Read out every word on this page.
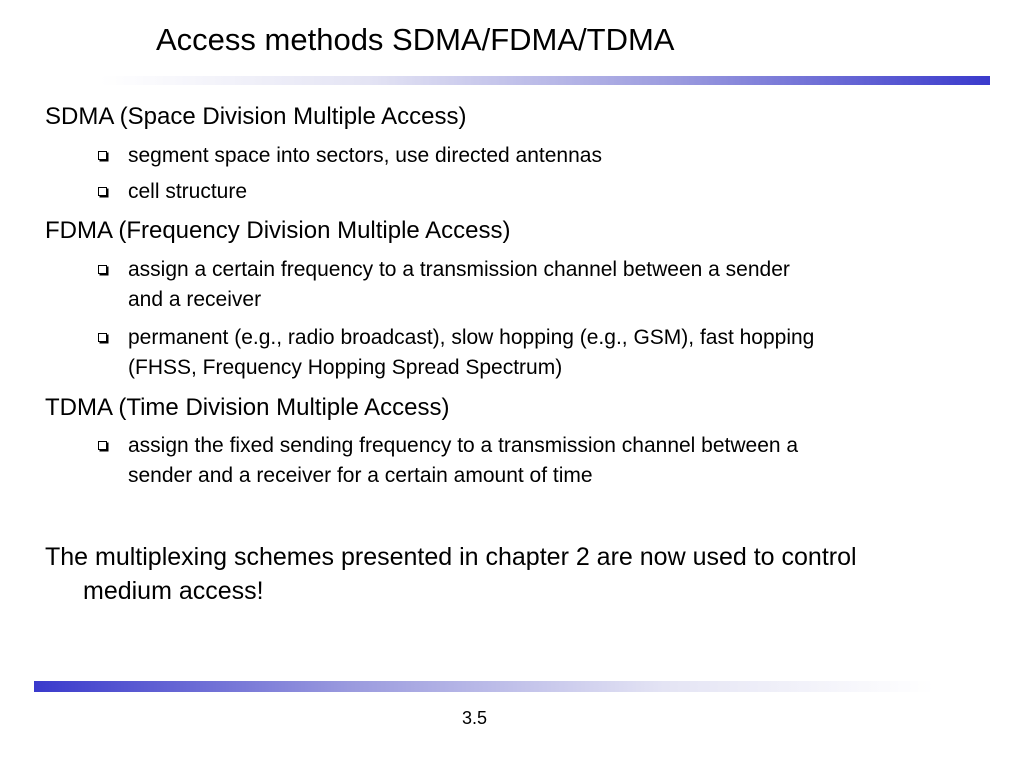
Access methods SDMA/FDMA/TDMA
SDMA (Space Division Multiple Access)
segment space into sectors, use directed antennas
cell structure
FDMA (Frequency Division Multiple Access)
assign a certain frequency to a transmission channel between a sender
and a receiver
permanent (e.g., radio broadcast), slow hopping (e.g., GSM), fast hopping
(FHSS, Frequency Hopping Spread Spectrum)
TDMA (Time Division Multiple Access)
assign the fixed sending frequency to a transmission channel between a
sender and a receiver for a certain amount of time
The multiplexing schemes presented in chapter 2 are now used to control
medium access!
3.5
